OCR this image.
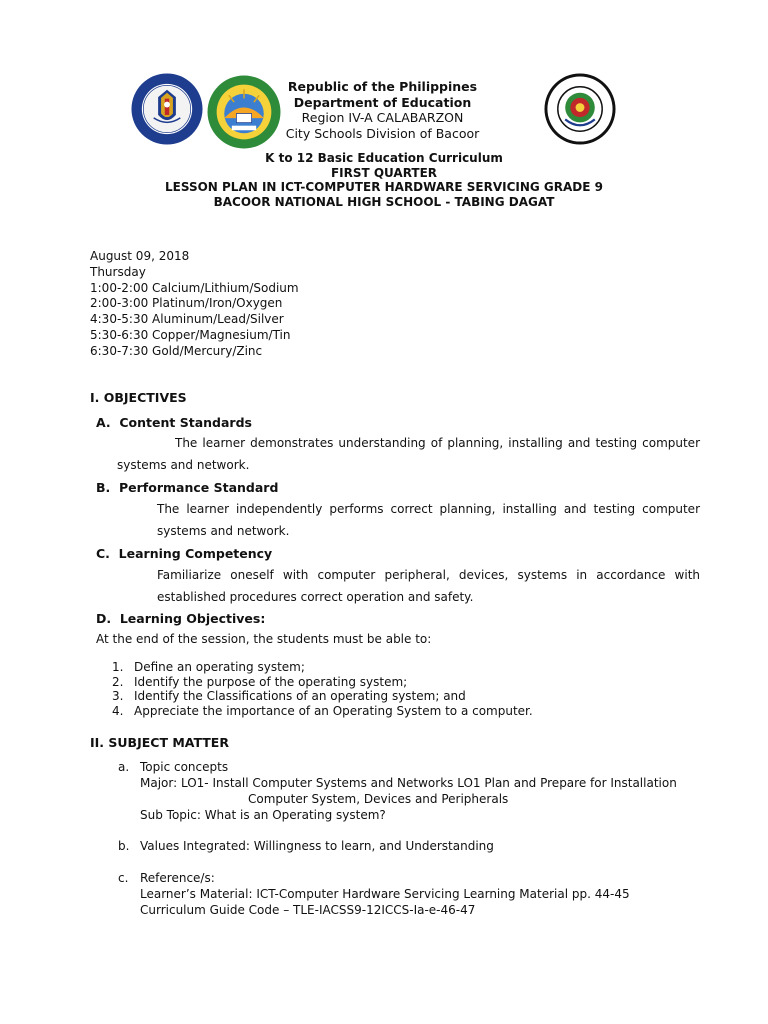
Republic of the Philippines
Department of Education
Region IV-A CALABARZON
City Schools Division of Bacoor
K to 12 Basic Education Curriculum
FIRST QUARTER
LESSON PLAN IN ICT-COMPUTER HARDWARE SERVICING GRADE 9
BACOOR NATIONAL HIGH SCHOOL - TABING DAGAT
August 09, 2018
Thursday
1:00-2:00 Calcium/Lithium/Sodium
2:00-3:00 Platinum/Iron/Oxygen
4:30-5:30 Aluminum/Lead/Silver
5:30-6:30 Copper/Magnesium/Tin
6:30-7:30 Gold/Mercury/Zinc
I. OBJECTIVES
A. Content Standards
The learner demonstrates understanding of planning, installing and testing computer systems and network.
B. Performance Standard
The learner independently performs correct planning, installing and testing computer systems and network.
C. Learning Competency
Familiarize oneself with computer peripheral, devices, systems in accordance with established procedures correct operation and safety.
D. Learning Objectives:
At the end of the session, the students must be able to:
1. Define an operating system;
2. Identify the purpose of the operating system;
3. Identify the Classifications of an operating system; and
4. Appreciate the importance of an Operating System to a computer.
II. SUBJECT MATTER
a. Topic concepts
Major: LO1- Install Computer Systems and Networks LO1 Plan and Prepare for Installation
Computer System, Devices and Peripherals
Sub Topic: What is an Operating system?
b. Values Integrated: Willingness to learn, and Understanding
c. Reference/s:
Learner’s Material: ICT-Computer Hardware Servicing Learning Material pp. 44-45
Curriculum Guide Code – TLE-IACSS9-12ICCS-Ia-e-46-47
